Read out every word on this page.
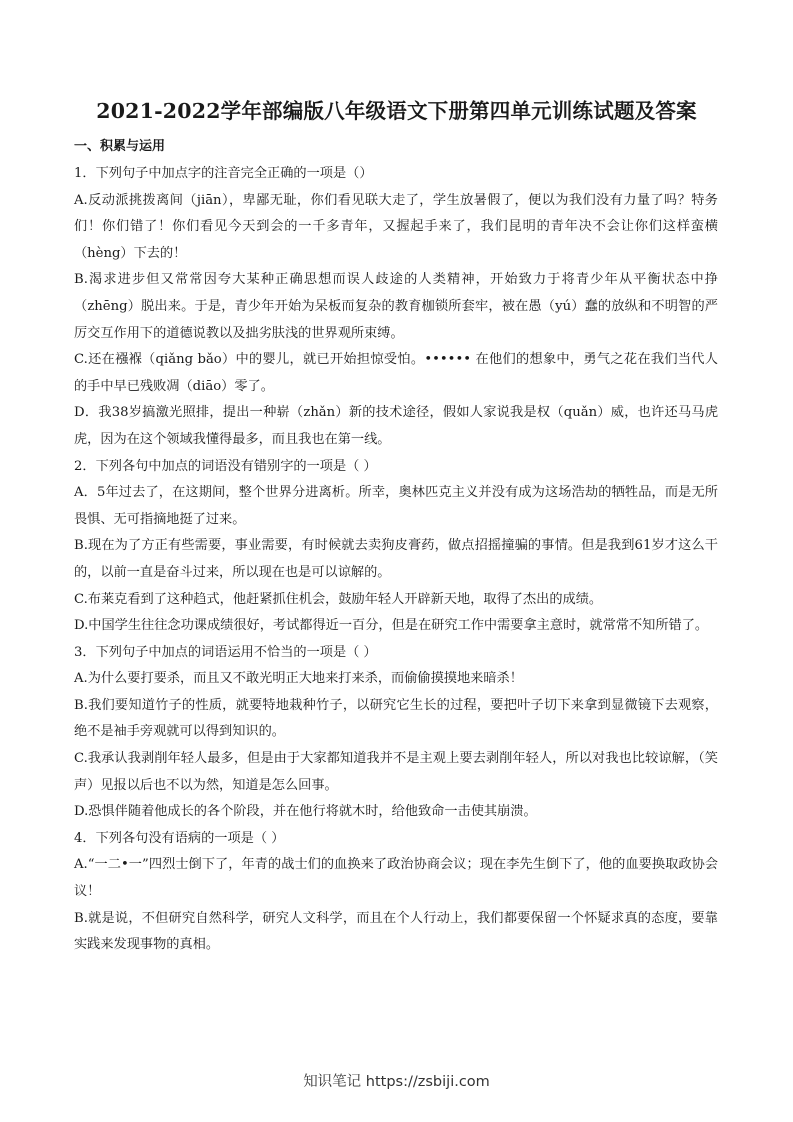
2021-2022学年部编版八年级语文下册第四单元训练试题及答案
一、积累与运用

1．下列句子中加点字的注音完全正确的一项是（）

A.反动派挑拨离间（jiān），卑鄙无耻，你们看见联大走了，学生放暑假了，便以为我们没有力量了吗？特务们！你们错了！你们看见今天到会的一千多青年，又握起手来了，我们昆明的青年决不会让你们这样蛮横（hèng）下去的！

B.渴求进步但又常常因夸大某种正确思想而误人歧途的人类精神，开始致力于将青少年从平衡状态中挣（zhēng）脱出来。于是，青少年开始为呆板而复杂的教育枷锁所套牢，被在愚（yú）蠢的放纵和不明智的严厉交互作用下的道德说教以及拙劣肤浅的世界观所束缚。

C.还在襁褓（qiǎng bǎo）中的婴儿，就已开始担惊受怕。•••••• 在他们的想象中，勇气之花在我们当代人的手中早已残败凋（diāo）零了。

D．我38岁搞激光照排，提出一种崭（zhǎn）新的技术途径，假如人家说我是权（quǎn）威，也许还马马虎虎，因为在这个领域我懂得最多，而且我也在第一线。

2．下列各句中加点的词语没有错别字的一项是（ ）

A．5年过去了，在这期间，整个世界分进离析。所幸，奥林匹克主义并没有成为这场浩劫的牺牲品，而是无所畏惧、无可指摘地挺了过来。

B.现在为了方正有些需要，事业需要，有时候就去卖狗皮膏药，做点招摇撞骗的事情。但是我到61岁才这么干的，以前一直是奋斗过来，所以现在也是可以谅解的。

C.布莱克看到了这种趋式，他赶紧抓住机会，鼓励年轻人开辟新天地，取得了杰出的成绩。

D.中国学生往往念功课成绩很好，考试都得近一百分，但是在研究工作中需要拿主意时，就常常不知所错了。

3．下列句子中加点的词语运用不恰当的一项是（ ）

A.为什么要打要杀，而且又不敢光明正大地来打来杀，而偷偷摸摸地来暗杀！

B.我们要知道竹子的性质，就要特地栽种竹子，以研究它生长的过程，要把叶子切下来拿到显微镜下去观察，绝不是袖手旁观就可以得到知识的。

C.我承认我剥削年轻人最多，但是由于大家都知道我并不是主观上要去剥削年轻人，所以对我也比较谅解，（笑声）见报以后也不以为然，知道是怎么回事。

D.恐惧伴随着他成长的各个阶段，并在他行将就木时，给他致命一击使其崩溃。

4．下列各句没有语病的一项是（ ）

A.“一二•一”四烈士倒下了，年青的战士们的血换来了政治协商会议；现在李先生倒下了，他的血要换取政协会议！

B.就是说，不但研究自然科学，研究人文科学，而且在个人行动上，我们都要保留一个怀疑求真的态度，要靠实践来发现事物的真相。

知识笔记 https://zsbiji.com
